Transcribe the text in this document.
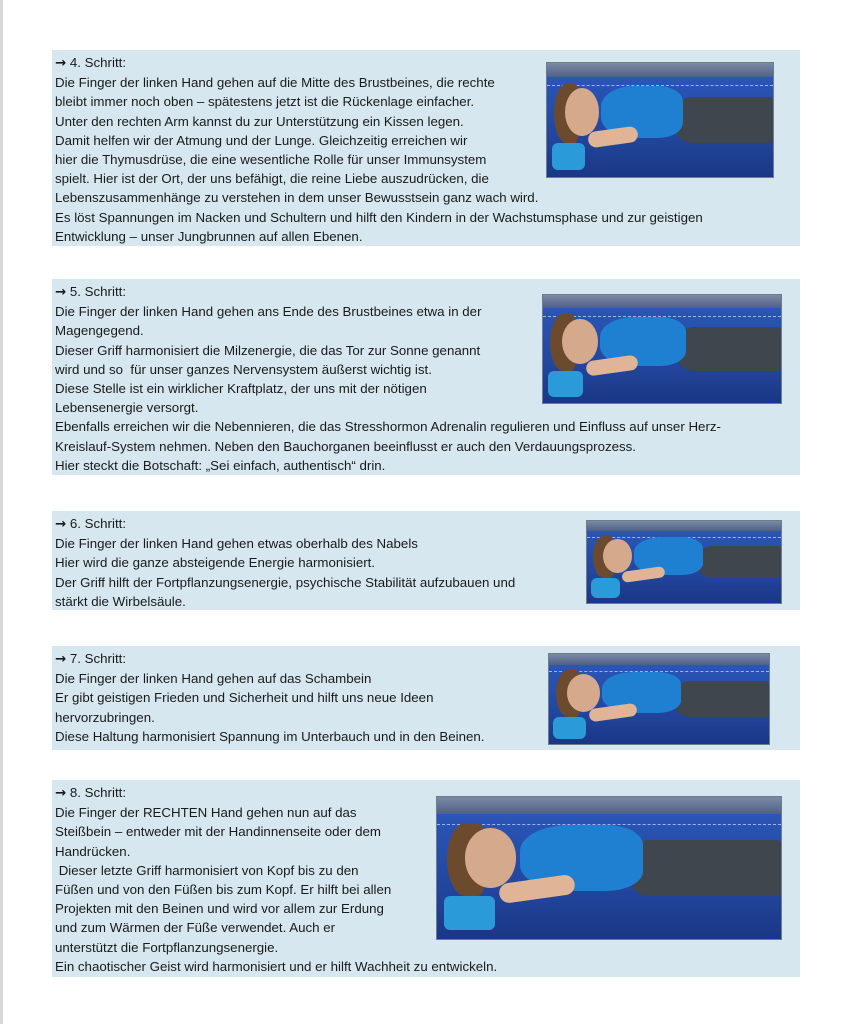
→ 4. Schritt:

Die Finger der linken Hand gehen auf die Mitte des Brustbeines, die rechte

bleibt immer noch oben – spätestens jetzt ist die Rückenlage einfacher.

Unter den rechten Arm kannst du zur Unterstützung ein Kissen legen.

Damit helfen wir der Atmung und der Lunge. Gleichzeitig erreichen wir

hier die Thymusdrüse, die eine wesentliche Rolle für unser Immunsystem

spielt. Hier ist der Ort, der uns befähigt, die reine Liebe auszudrücken, die

Lebenszusammenhänge zu verstehen in dem unser Bewusstsein ganz wach wird.

Es löst Spannungen im Nacken und Schultern und hilft den Kindern in der Wachstumsphase und zur geistigen

Entwicklung – unser Jungbrunnen auf allen Ebenen.

→ 5. Schritt:

Die Finger der linken Hand gehen ans Ende des Brustbeines etwa in der

Magengegend.

Dieser Griff harmonisiert die Milzenergie, die das Tor zur Sonne genannt

wird und so  für unser ganzes Nervensystem äußerst wichtig ist.

Diese Stelle ist ein wirklicher Kraftplatz, der uns mit der nötigen

Lebensenergie versorgt.

Ebenfalls erreichen wir die Nebennieren, die das Stresshormon Adrenalin regulieren und Einfluss auf unser Herz-

Kreislauf-System nehmen. Neben den Bauchorganen beeinflusst er auch den Verdauungsprozess.

Hier steckt die Botschaft: „Sei einfach, authentisch“ drin.

→ 6. Schritt:

Die Finger der linken Hand gehen etwas oberhalb des Nabels

Hier wird die ganze absteigende Energie harmonisiert.

Der Griff hilft der Fortpflanzungsenergie, psychische Stabilität aufzubauen und

stärkt die Wirbelsäule.

→ 7. Schritt:

Die Finger der linken Hand gehen auf das Schambein

Er gibt geistigen Frieden und Sicherheit und hilft uns neue Ideen

hervorzubringen.

Diese Haltung harmonisiert Spannung im Unterbauch und in den Beinen.

→ 8. Schritt:

Die Finger der RECHTEN Hand gehen nun auf das

Steißbein – entweder mit der Handinnenseite oder dem

Handrücken.

Dieser letzte Griff harmonisiert von Kopf bis zu den

Füßen und von den Füßen bis zum Kopf. Er hilft bei allen

Projekten mit den Beinen und wird vor allem zur Erdung

und zum Wärmen der Füße verwendet. Auch er

unterstützt die Fortpflanzungsenergie.

Ein chaotischer Geist wird harmonisiert und er hilft Wachheit zu entwickeln.
